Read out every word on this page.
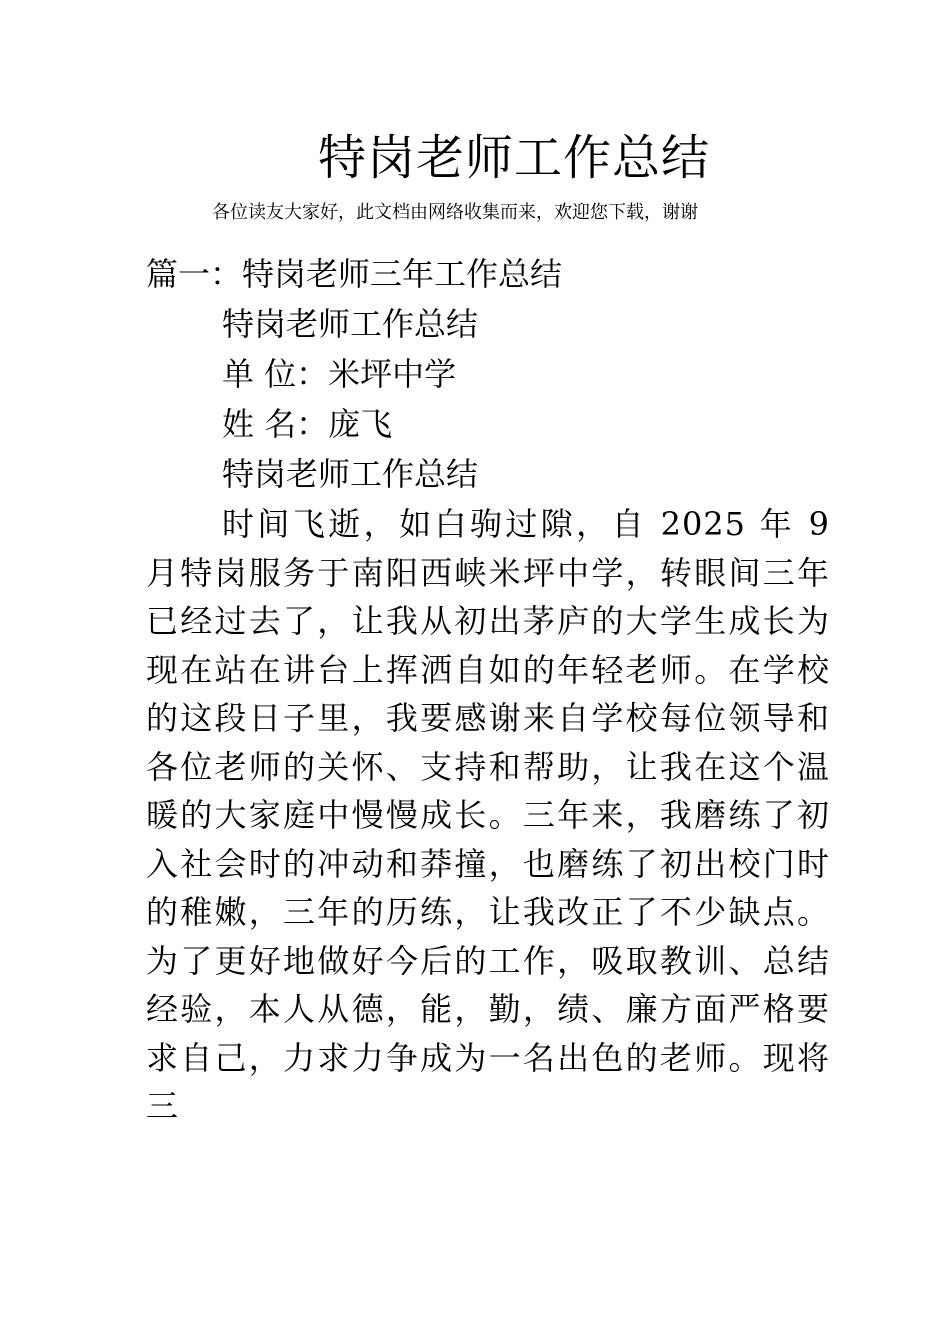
特岗老师工作总结
各位读友大家好，此文档由网络收集而来，欢迎您下载，谢谢
篇一：特岗老师三年工作总结
特岗老师工作总结
单 位：米坪中学
姓 名：庞飞
特岗老师工作总结
时间飞逝，如白驹过隙，自 2025 年 9 月特岗服务于南阳西峡米坪中学，转眼间三年已经过去了，让我从初出茅庐的大学生成长为现在站在讲台上挥洒自如的年轻老师。在学校的这段日子里，我要感谢来自学校每位领导和各位老师的关怀、支持和帮助，让我在这个温暖的大家庭中慢慢成长。三年来，我磨练了初入社会时的冲动和莽撞，也磨练了初出校门时的稚嫩，三年的历练，让我改正了不少缺点。为了更好地做好今后的工作，吸取教训、总结经验，本人从德，能，勤，绩、廉方面严格要求自己，力求力争成为一名出色的老师。现将三
